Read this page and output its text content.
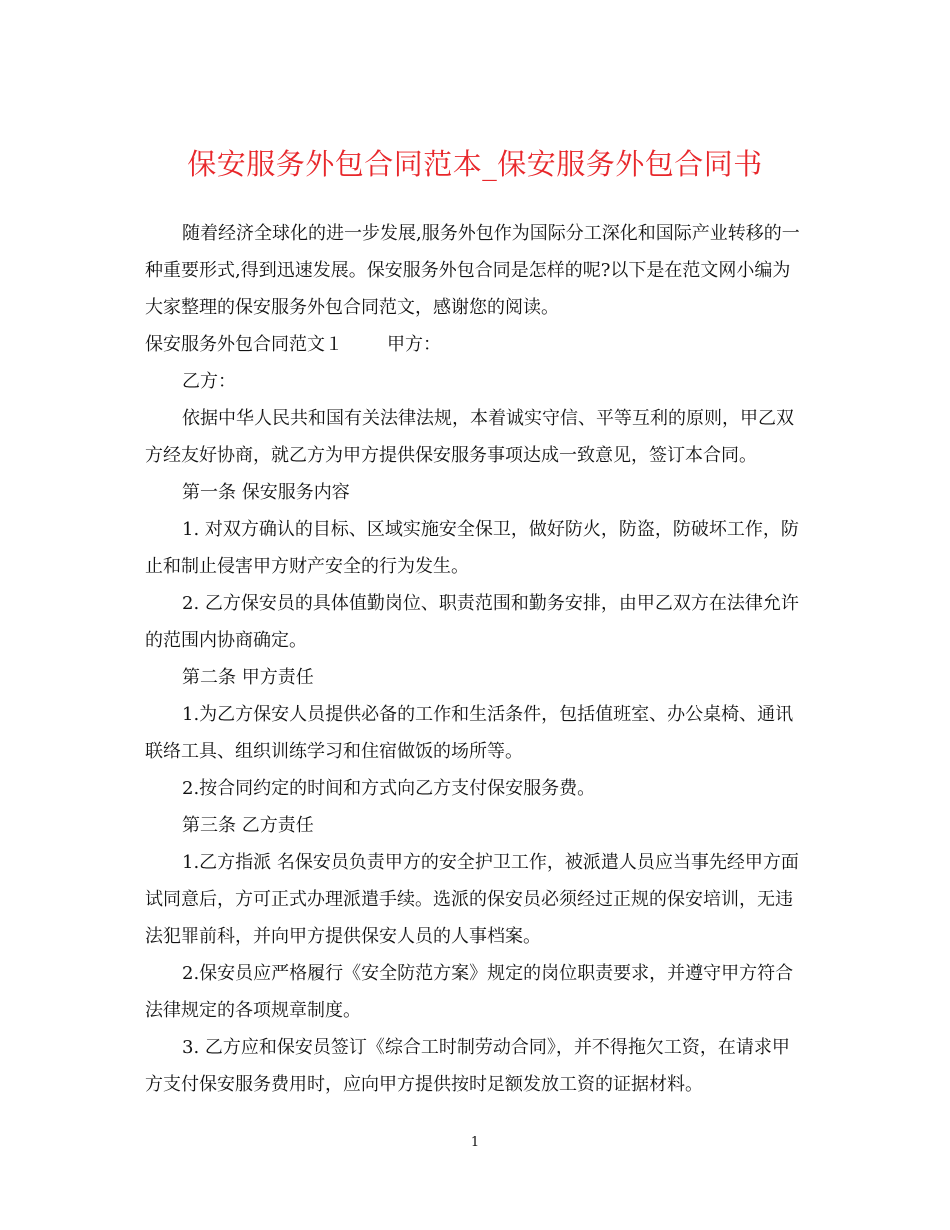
保安服务外包合同范本_保安服务外包合同书

随着经济全球化的进一步发展,服务外包作为国际分工深化和国际产业转移的一种重要形式,得到迅速发展。保安服务外包合同是怎样的呢?以下是在范文网小编为大家整理的保安服务外包合同范文，感谢您的阅读。

保安服务外包合同范文１ 甲方：

乙方：

依据中华人民共和国有关法律法规，本着诚实守信、平等互利的原则，甲乙双方经友好协商，就乙方为甲方提供保安服务事项达成一致意见，签订本合同。

第一条 保安服务内容

1. 对双方确认的目标、区域实施安全保卫，做好防火，防盗，防破坏工作，防止和制止侵害甲方财产安全的行为发生。

2. 乙方保安员的具体值勤岗位、职责范围和勤务安排，由甲乙双方在法律允许的范围内协商确定。

第二条 甲方责任

1.为乙方保安人员提供必备的工作和生活条件，包括值班室、办公桌椅、通讯联络工具、组织训练学习和住宿做饭的场所等。

2.按合同约定的时间和方式向乙方支付保安服务费。

第三条 乙方责任

1.乙方指派 名保安员负责甲方的安全护卫工作，被派遣人员应当事先经甲方面试同意后，方可正式办理派遣手续。选派的保安员必须经过正规的保安培训，无违法犯罪前科，并向甲方提供保安人员的人事档案。

2.保安员应严格履行《安全防范方案》规定的岗位职责要求，并遵守甲方符合法律规定的各项规章制度。

3. 乙方应和保安员签订《综合工时制劳动合同》，并不得拖欠工资，在请求甲方支付保安服务费用时，应向甲方提供按时足额发放工资的证据材料。

1
